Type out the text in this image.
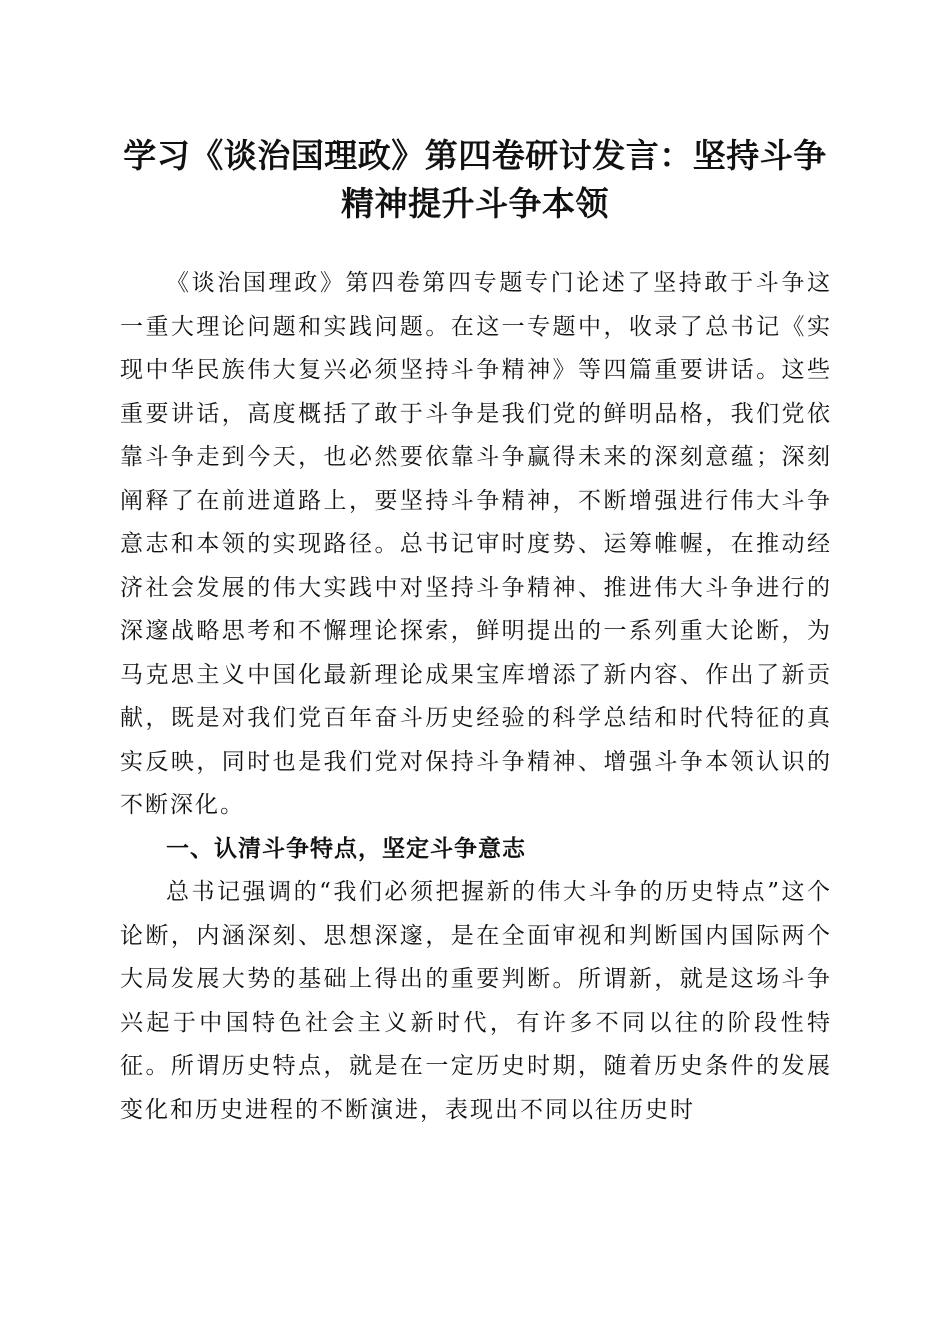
学习《谈治国理政》第四卷研讨发言：坚持斗争精神提升斗争本领

《谈治国理政》第四卷第四专题专门论述了坚持敢于斗争这一重大理论问题和实践问题。在这一专题中，收录了总书记《实现中华民族伟大复兴必须坚持斗争精神》等四篇重要讲话。这些重要讲话，高度概括了敢于斗争是我们党的鲜明品格，我们党依靠斗争走到今天，也必然要依靠斗争赢得未来的深刻意蕴；深刻阐释了在前进道路上，要坚持斗争精神，不断增强进行伟大斗争意志和本领的实现路径。总书记审时度势、运筹帷幄，在推动经济社会发展的伟大实践中对坚持斗争精神、推进伟大斗争进行的深邃战略思考和不懈理论探索，鲜明提出的一系列重大论断，为马克思主义中国化最新理论成果宝库增添了新内容、作出了新贡献，既是对我们党百年奋斗历史经验的科学总结和时代特征的真实反映，同时也是我们党对保持斗争精神、增强斗争本领认识的不断深化。

一、认清斗争特点，坚定斗争意志

总书记强调的“我们必须把握新的伟大斗争的历史特点”这个论断，内涵深刻、思想深邃，是在全面审视和判断国内国际两个大局发展大势的基础上得出的重要判断。所谓新，就是这场斗争兴起于中国特色社会主义新时代，有许多不同以往的阶段性特征。所谓历史特点，就是在一定历史时期，随着历史条件的发展变化和历史进程的不断演进，表现出不同以往历史时
